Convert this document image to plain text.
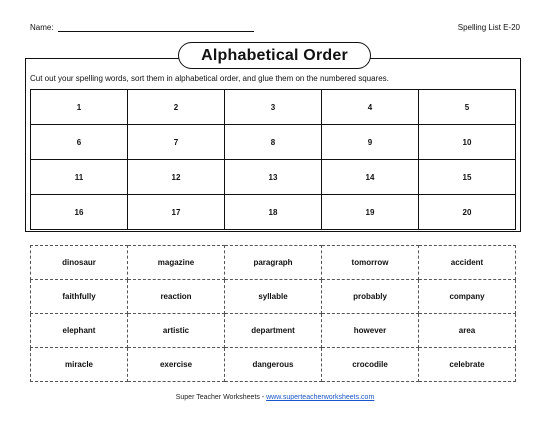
Name:	Spelling List E-20
Alphabetical Order
Cut out your spelling words, sort them in alphabetical order, and glue them on the numbered squares.
1	2	3	4	5
6	7	8	9	10
11	12	13	14	15
16	17	18	19	20
dinosaur	magazine	paragraph	tomorrow	accident
faithfully	reaction	syllable	probably	company
elephant	artistic	department	however	area
miracle	exercise	dangerous	crocodile	celebrate
Super Teacher Worksheets - www.superteacherworksheets.com
